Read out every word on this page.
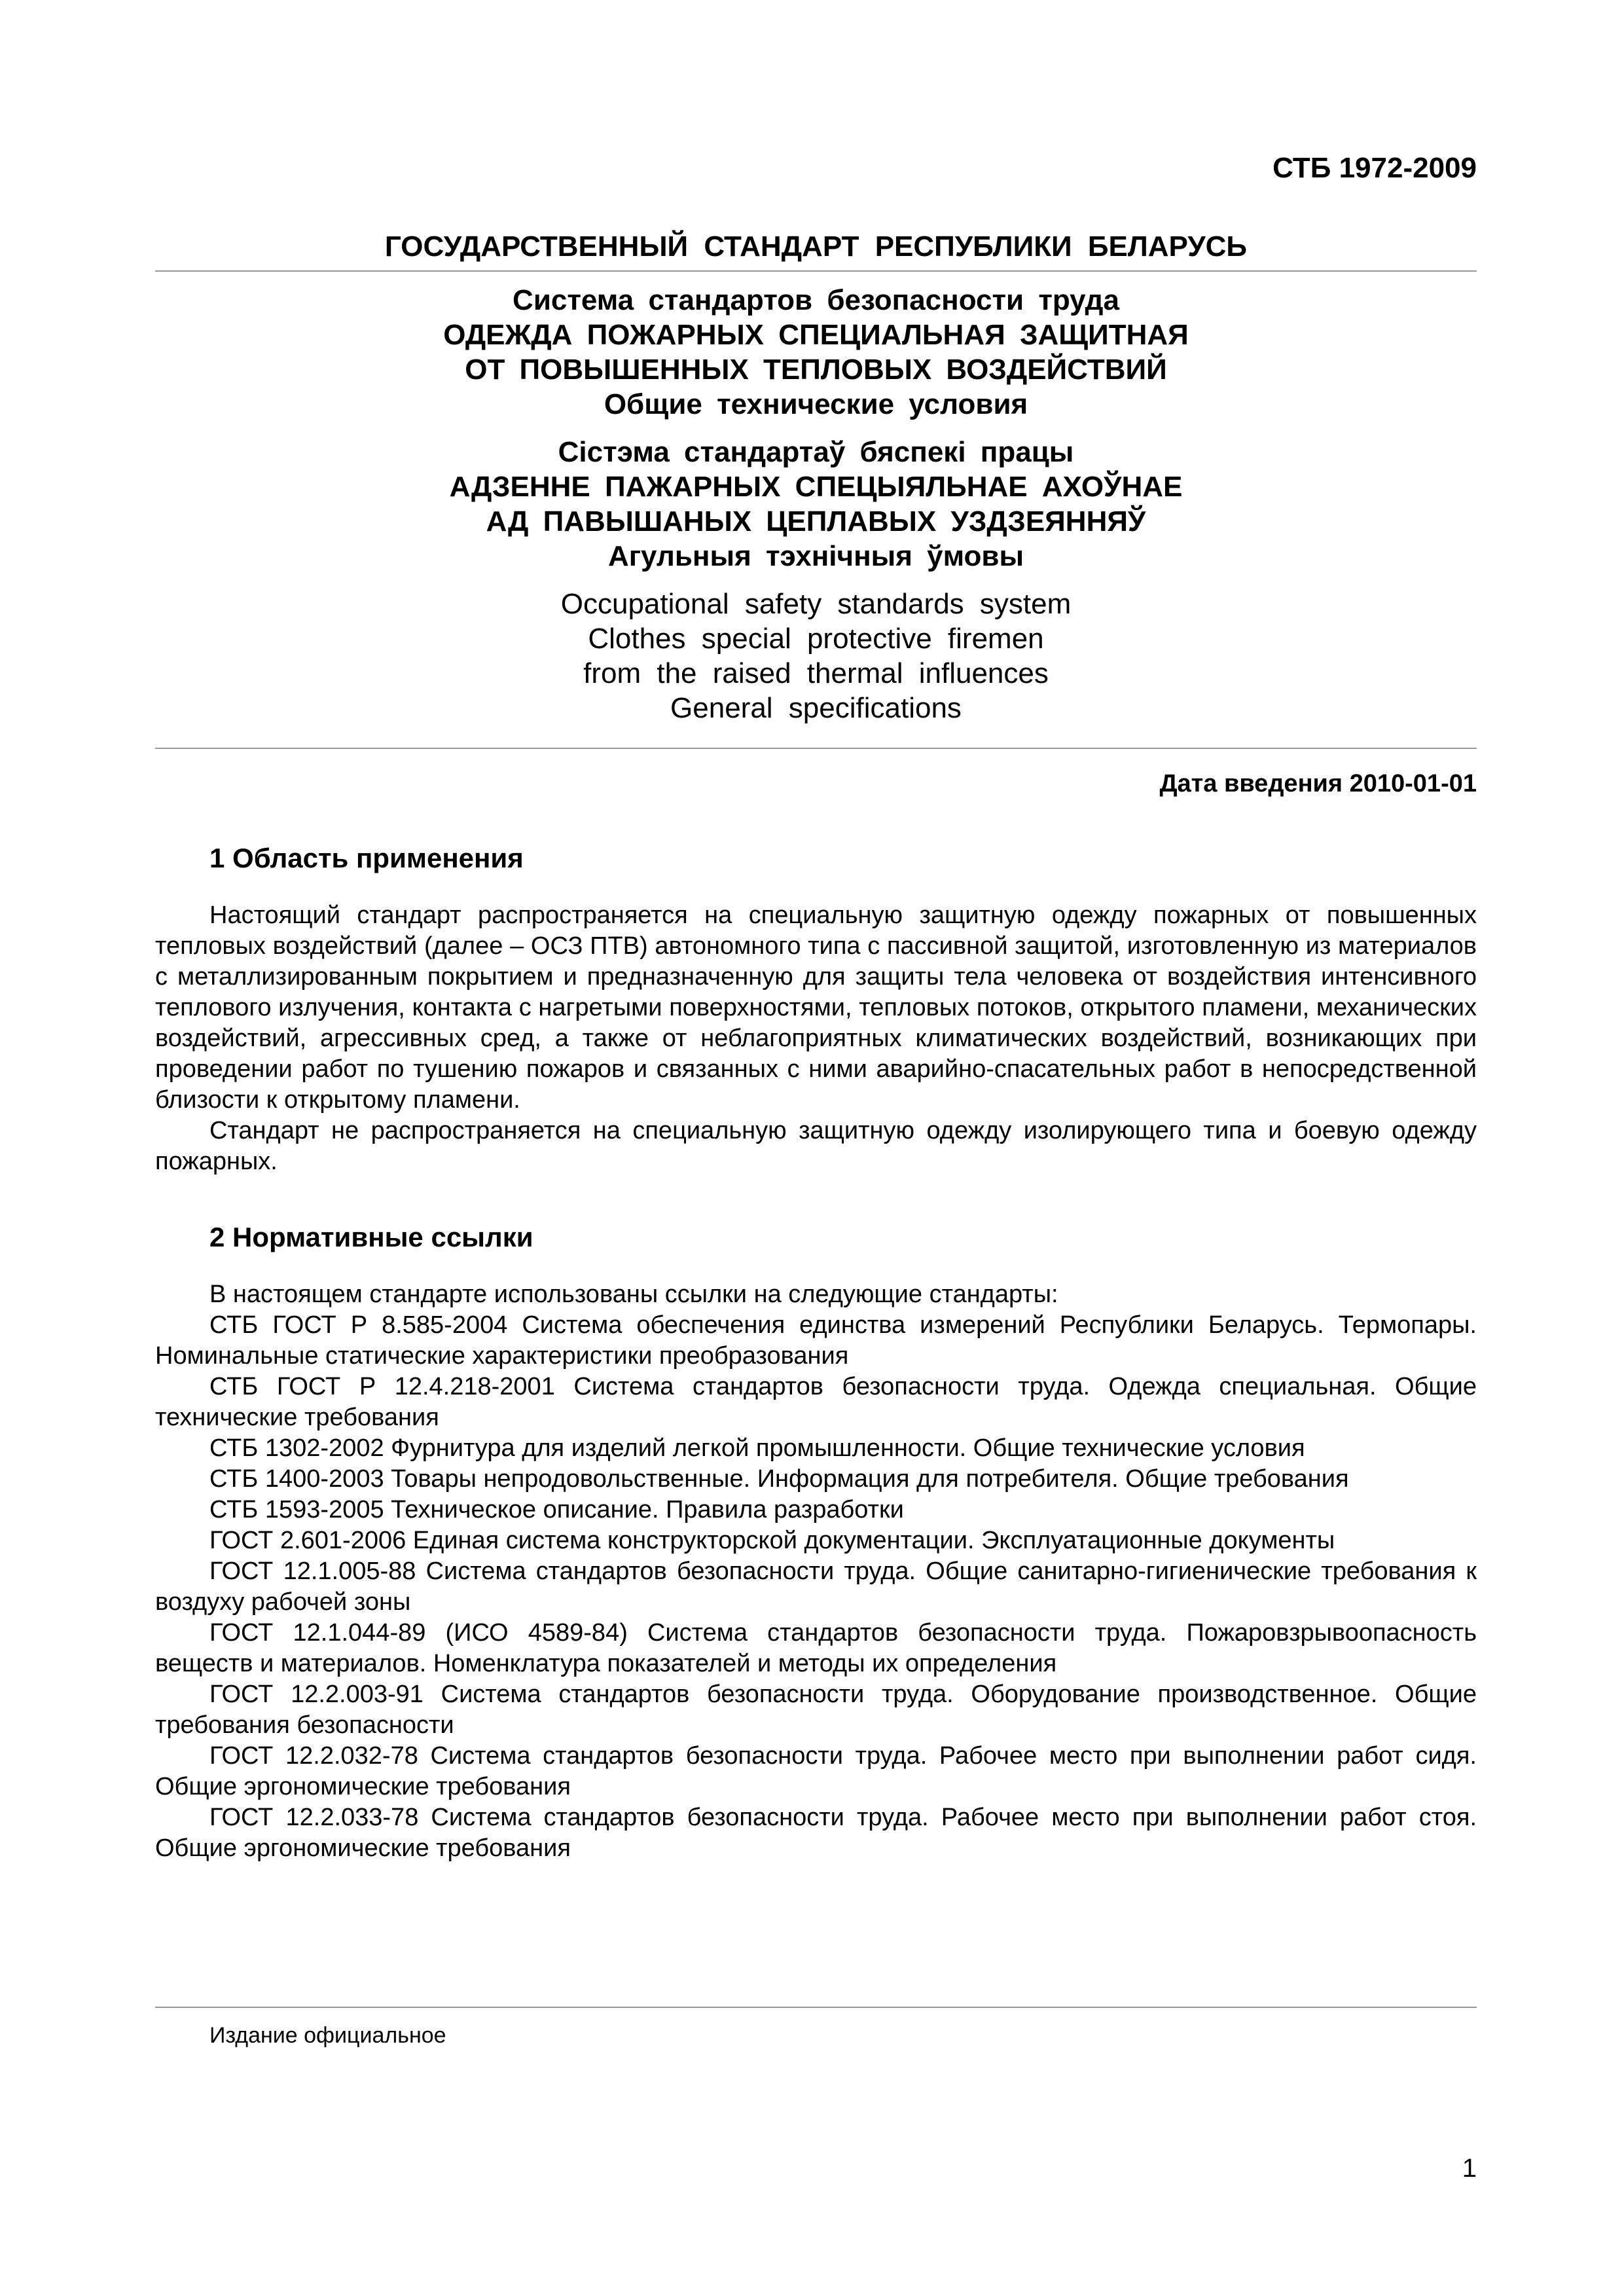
СТБ 1972-2009
ГОСУДАРСТВЕННЫЙ СТАНДАРТ РЕСПУБЛИКИ БЕЛАРУСЬ
Система стандартов безопасности труда
ОДЕЖДА ПОЖАРНЫХ СПЕЦИАЛЬНАЯ ЗАЩИТНАЯ
ОТ ПОВЫШЕННЫХ ТЕПЛОВЫХ ВОЗДЕЙСТВИЙ
Общие технические условия
Сістэма стандартаў бяспекі працы
АДЗЕННЕ ПАЖАРНЫХ СПЕЦЫЯЛЬНАЕ АХОЎНАЕ
АД ПАВЫШАНЫХ ЦЕПЛАВЫХ УЗДЗЕЯННЯЎ
Агульныя тэхнічныя ўмовы
Occupational safety standards system
Clothes special protective firemen
from the raised thermal influences
General specifications
Дата введения 2010-01-01
1 Область применения

Настоящий стандарт распространяется на специальную защитную одежду пожарных от повышенных тепловых воздействий (далее – ОСЗ ПТВ) автономного типа с пассивной защитой, изготовленную из материалов с металлизированным покрытием и предназначенную для защиты тела человека от воздействия интенсивного теплового излучения, контакта с нагретыми поверхностями, тепловых потоков, открытого пламени, механических воздействий, агрессивных сред, а также от неблагоприятных климатических воздействий, возникающих при проведении работ по тушению пожаров и связанных с ними аварийно-спасательных работ в непосредственной близости к открытому пламени.

Стандарт не распространяется на специальную защитную одежду изолирующего типа и боевую одежду пожарных.

2 Нормативные ссылки

В настоящем стандарте использованы ссылки на следующие стандарты:

СТБ ГОСТ Р 8.585-2004 Система обеспечения единства измерений Республики Беларусь. Термопары. Номинальные статические характеристики преобразования

СТБ ГОСТ Р 12.4.218-2001 Система стандартов безопасности труда. Одежда специальная. Общие технические требования

СТБ 1302-2002 Фурнитура для изделий легкой промышленности. Общие технические условия

СТБ 1400-2003 Товары непродовольственные. Информация для потребителя. Общие требования

СТБ 1593-2005 Техническое описание. Правила разработки

ГОСТ 2.601-2006 Единая система конструкторской документации. Эксплуатационные документы

ГОСТ 12.1.005-88 Система стандартов безопасности труда. Общие санитарно-гигиенические требования к воздуху рабочей зоны

ГОСТ 12.1.044-89 (ИСО 4589-84) Система стандартов безопасности труда. Пожаровзрывоопасность веществ и материалов. Номенклатура показателей и методы их определения

ГОСТ 12.2.003-91 Система стандартов безопасности труда. Оборудование производственное. Общие требования безопасности

ГОСТ 12.2.032-78 Система стандартов безопасности труда. Рабочее место при выполнении работ сидя. Общие эргономические требования

ГОСТ 12.2.033-78 Система стандартов безопасности труда. Рабочее место при выполнении работ стоя. Общие эргономические требования

Издание официальное
1
